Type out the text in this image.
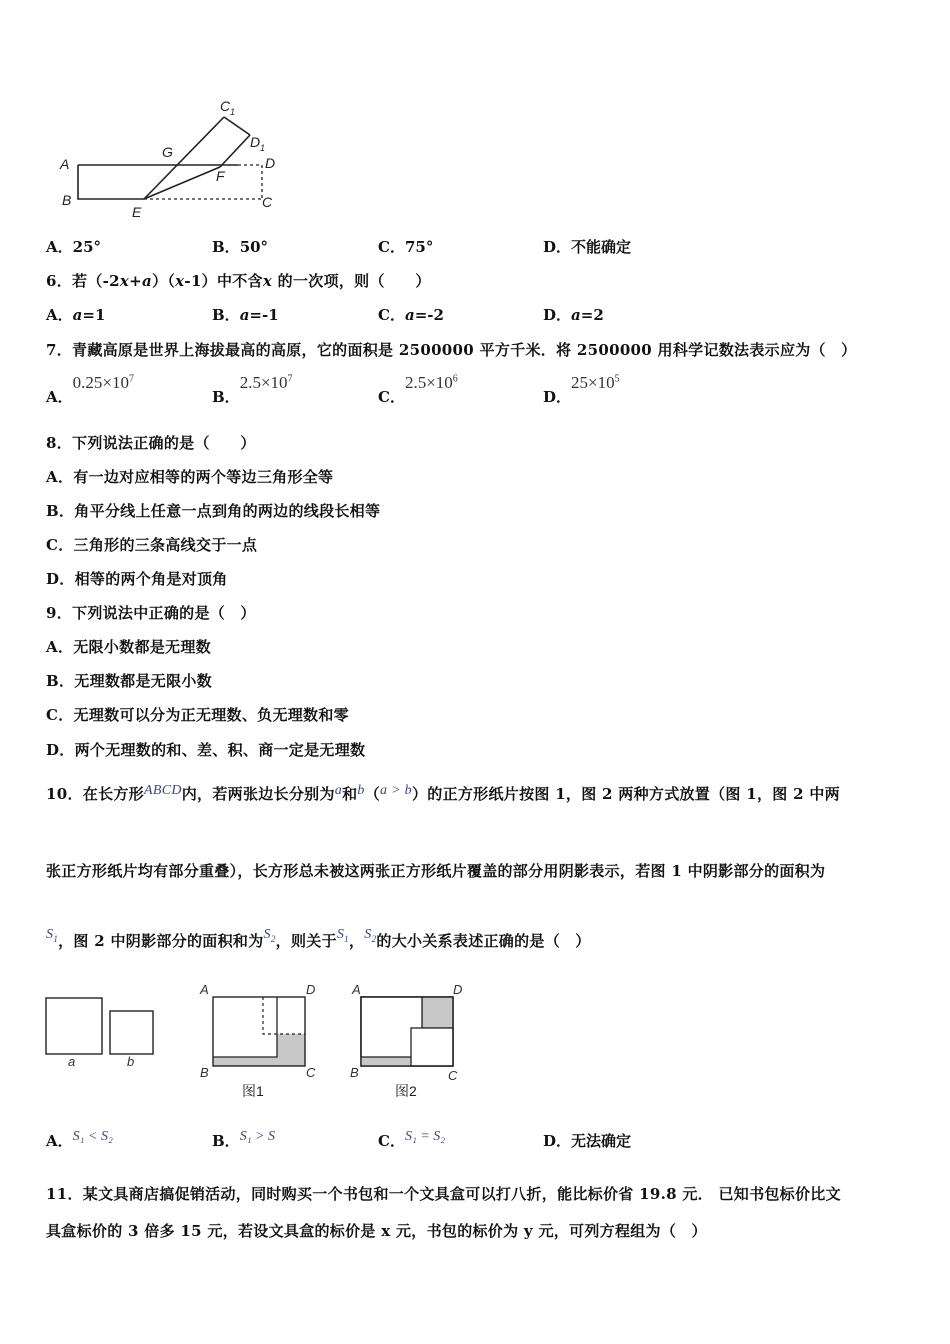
A
B
E
G
F
D
C
C 1
D 1
A．25°	B．50°	C．75°	D．不能确定
6．若（-2x+a）（x-1）中不含x 的一次项，则（　　）
A．a=1	B．a=-1	C．a=-2	D．a=2
7．青藏高原是世界上海拔最高的高原，它的面积是 2500000 平方千米．将 2500000 用科学记数法表示应为（　）
A．$0.25\times 10^7$
B．$2.5\times 10^7$
C．$2.5\times 10^6$
D．$25\times 10^5$
8．下列说法正确的是（　　）
A．有一边对应相等的两个等边三角形全等
B．角平分线上任意一点到角的两边的线段长相等
C．三角形的三条高线交于一点
D．相等的两个角是对顶角
9．下列说法中正确的是（　）
A．无限小数都是无理数
B．无理数都是无限小数
C．无理数可以分为正无理数、负无理数和零
D．两个无理数的和、差、积、商一定是无理数
10．在长方形ABCD内，若两张边长分别为a和b（a > b）的正方形纸片按图 1，图 2 两种方式放置（图 1，图 2 中两
张正方形纸片均有部分重叠），长方形总未被这两张正方形纸片覆盖的部分用阴影表示，若图 1 中阴影部分的面积为
$S_1$，图 2 中阴影部分的面积和为$S_2$，则关于$S_1$，$S_2$的大小关系表述正确的是（　）
a	b
A	D
B	C
图1
A	D
B	C
图2
A．S₁ < S₂	B．S₁ > S	C．S₁ = S₂	D．无法确定
11．某文具商店搞促销活动，同时购买一个书包和一个文具盒可以打八折，能比标价省 19.8 元． 已知书包标价比文
具盒标价的 3 倍多 15 元，若设文具盒的标价是 x 元，书包的标价为 y 元，可列方程组为（　）
